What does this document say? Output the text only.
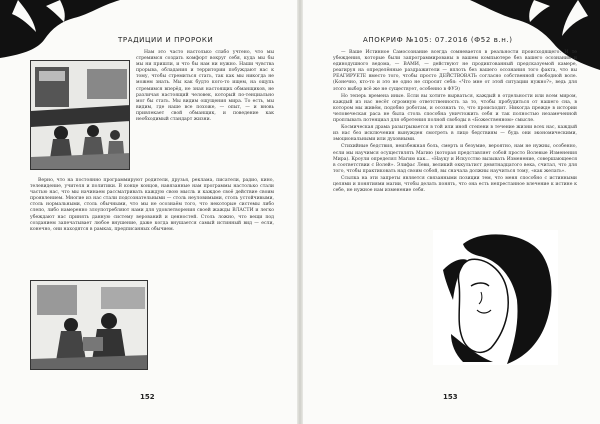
ТРАДИЦИИ И ПРОРОКИ

Нам это часто настолько слабо учтено, что мы стремимся создать комфорт вокруг себя, куда мы бы мы ни пришли, и что бы нам ни нужно. Наши чувства прорыва, обладания и территории побуждают нас к тому, чтобы стремиться стать, так как мы никогда не можем знать. Мы как будто кого-то ищем, на ощупь стремимся вперёд, не зная настоящих обманщиков, не различая настоящий человек, который по-тенциально мог бы стать. Мы видим ощущения мира. То есть, мы видим, где наше все похоже, — опыт, — и вновь привлекает свой обманщик, и поведение как необходимый стандарт жизни.

Верно, что на постоянно программируют родители, друзья, реклама, писатели, радио, кино, телевидение, учителя и политики. В конце концов, навязанные нам программы настолько стали частью нас, что мы начинаем рассматривать каждую свою мысль и каждое своё действие своим проявлением. Многие из нас стали подсознательными — столь неуловимыми, столь устойчивыми, столь нормальными, столь обычными, что мы не осознаём того, что некоторые системы либо слепо, либо намеренно злоупотребляют нами для удовлетворения своей жажды ВЛАСТИ и легко убеждают нас принять данную систему верований и ценностей. Столь ложно, что вещи под созданием запечатывает любое внушение, даже когда внушается самый истинный вид — если, конечно, они находятся в рамках, предписанных обычием.

152
АПОКРИФ №105: 07.2016 (Ф52 в.н.)

— Ваше Истинное Самосознание всегда сомневается в реальности происходящего. И те убеждения, которые были запрограммированы в вашем компьютере без вашего осознания и единодушного ведома, — ВАМИ, — действуют не продиктованный предсказуемой камере, реагируя на определённые раздражители — вплоть без вашего осознания того факта, что вы РЕАГИРУЕТЕ вместо того, чтобы просто ДЕЙСТВОВАТЬ согласно собственной свободной воле. (Конечно, кто-то и это не одно не спросит себя: «Что мне от этой ситуации нужно?», ведь для этого выбор всё же не существует, особенно в ФУЭ)

Но теперь времена иные. Если вы хотите вырваться, каждый в отдельности или всем миром, каждый из нас несёт огромную ответственность за то, чтобы пробудиться от нашего сна, в котором мы живём, подобно роботам, и осознать то, что происходит. Никогда прежде в истории человеческая раса не была столь способна уничтожить себя и так полностью незамеченной проплывать потенциал для обретения полной свободы в «Божественном» смысле.

Космическая драма разыгрывается в той или иной степени в течение жизни всех нас, каждый из нас без исключения вынужден смотреть в лицо бедствиям — будь они экономическими, эмоциональными или духовными.

Стихийные бедствия, неизбежная боль, смерть и безумие, вероятно, нам не нужны, особенно, если мы научимся осуществлять Магию (которая представляет собой просто Волевые Изменения Мира). Кроули определял Магию как... «Науку и Искусство вызывать Изменение, совершающееся в соответствии с Волей». Элифас Леви, великий оккультист девятнадцатого века, считал, что для того, чтобы практиковать над своим собой, вы сначала должны научиться тому, «как желать».

Ссылка на эти запреты является связанными позиции тем, что меня способно с истинными целями и понятиями магии, чтобы делать понять, что она есть непрестанное влечение к истине к себе, не нужное нам изменение себя.

153
